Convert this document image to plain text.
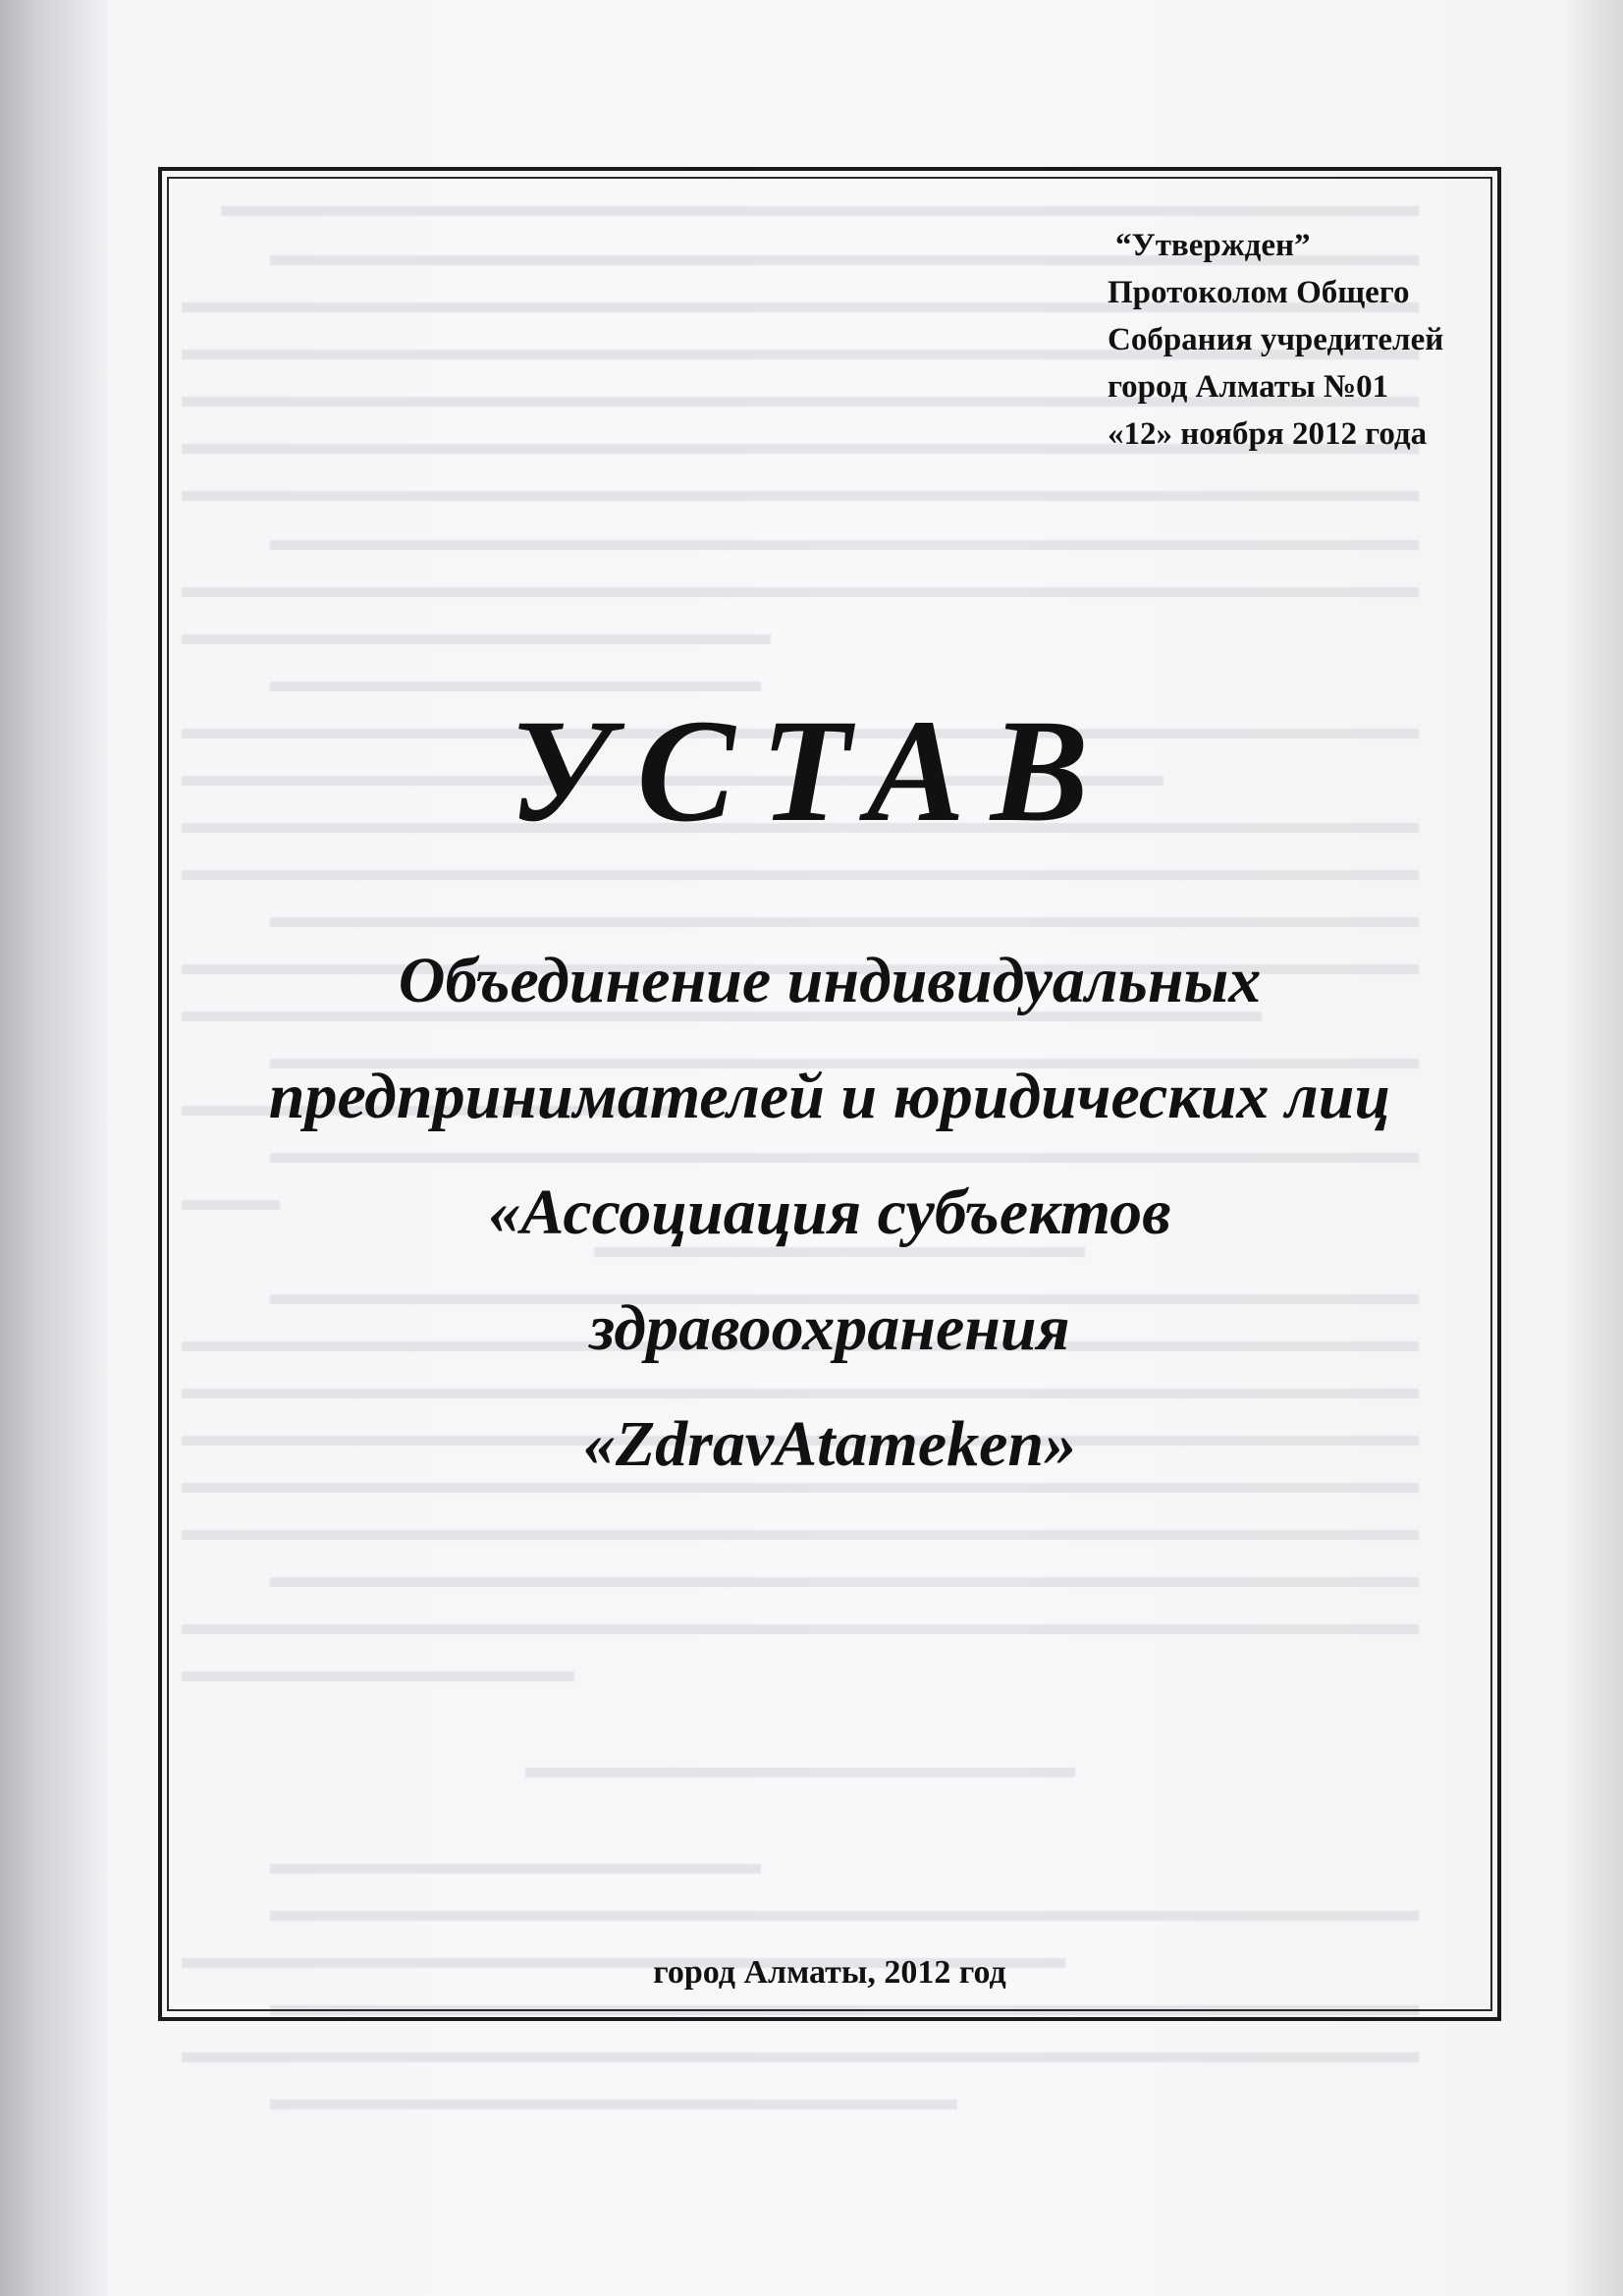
“Утвержден”
Протоколом Общего
Собрания учредителей
город Алматы №01
«12» ноября 2012 года
УСТАВ
Объединение индивидуальных
предпринимателей и юридических лиц
«Ассоциация субъектов
здравоохранения
«ZdravAtameken»

город Алматы, 2012 год
